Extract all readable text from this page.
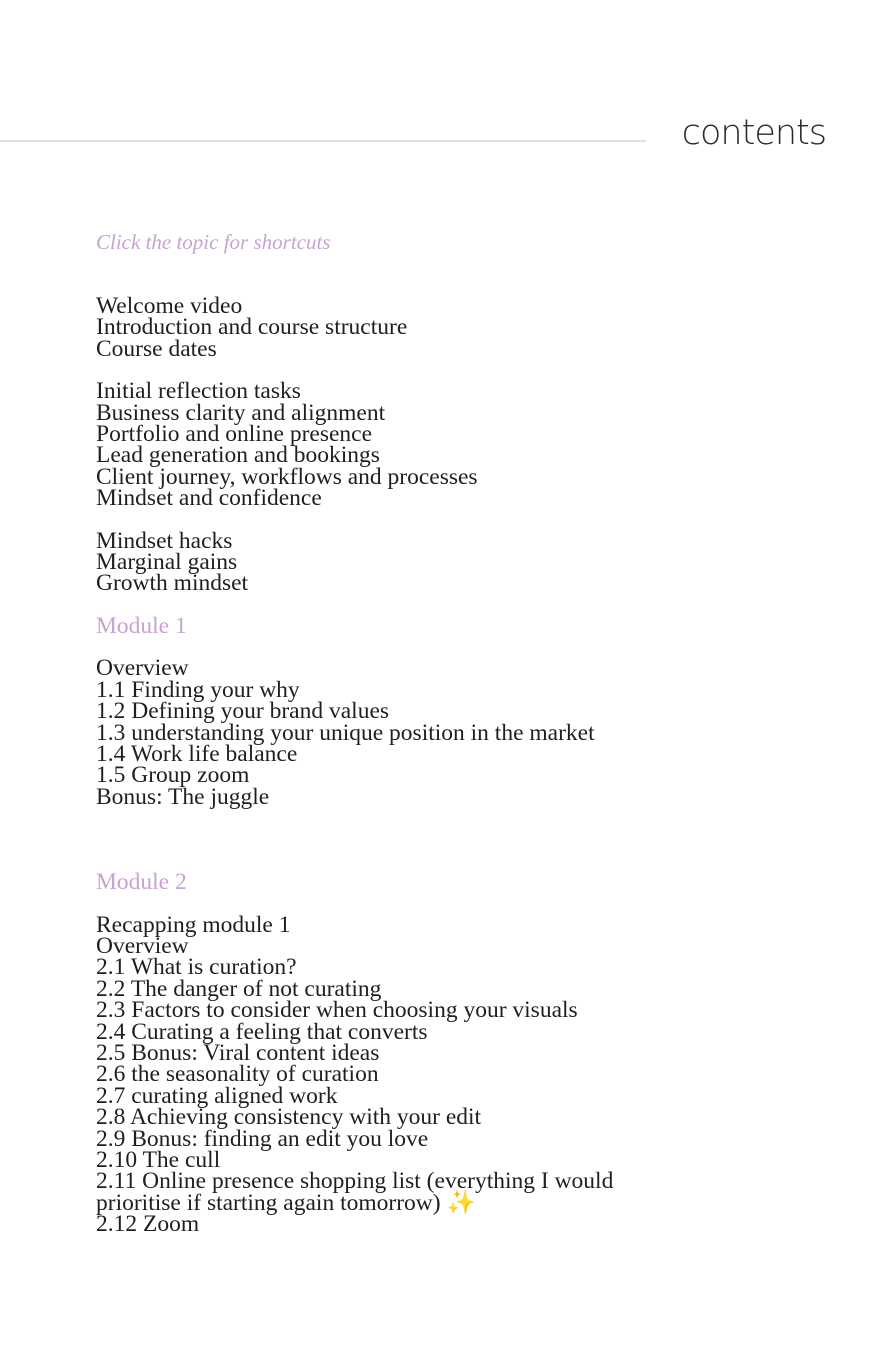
contents

Click the topic for shortcuts

Welcome video
Introduction and course structure
Course dates
Initial reflection tasks
Business clarity and alignment
Portfolio and online presence
Lead generation and bookings
Client journey, workflows and processes
Mindset and confidence
Mindset hacks
Marginal gains
Growth mindset
Module 1
Overview
1.1 Finding your why
1.2 Defining your brand values
1.3 understanding your unique position in the market
1.4 Work life balance
1.5 Group zoom
Bonus: The juggle
Module 2
Recapping module 1
Overview
2.1 What is curation?
2.2 The danger of not curating
2.3 Factors to consider when choosing your visuals
2.4 Curating a feeling that converts
2.5 Bonus: Viral content ideas
2.6 the seasonality of curation
2.7 curating aligned work
2.8 Achieving consistency with your edit
2.9 Bonus: finding an edit you love
2.10 The cull
2.11 Online presence shopping list (everything I would prioritise if starting again tomorrow) ✨
2.12 Zoom
